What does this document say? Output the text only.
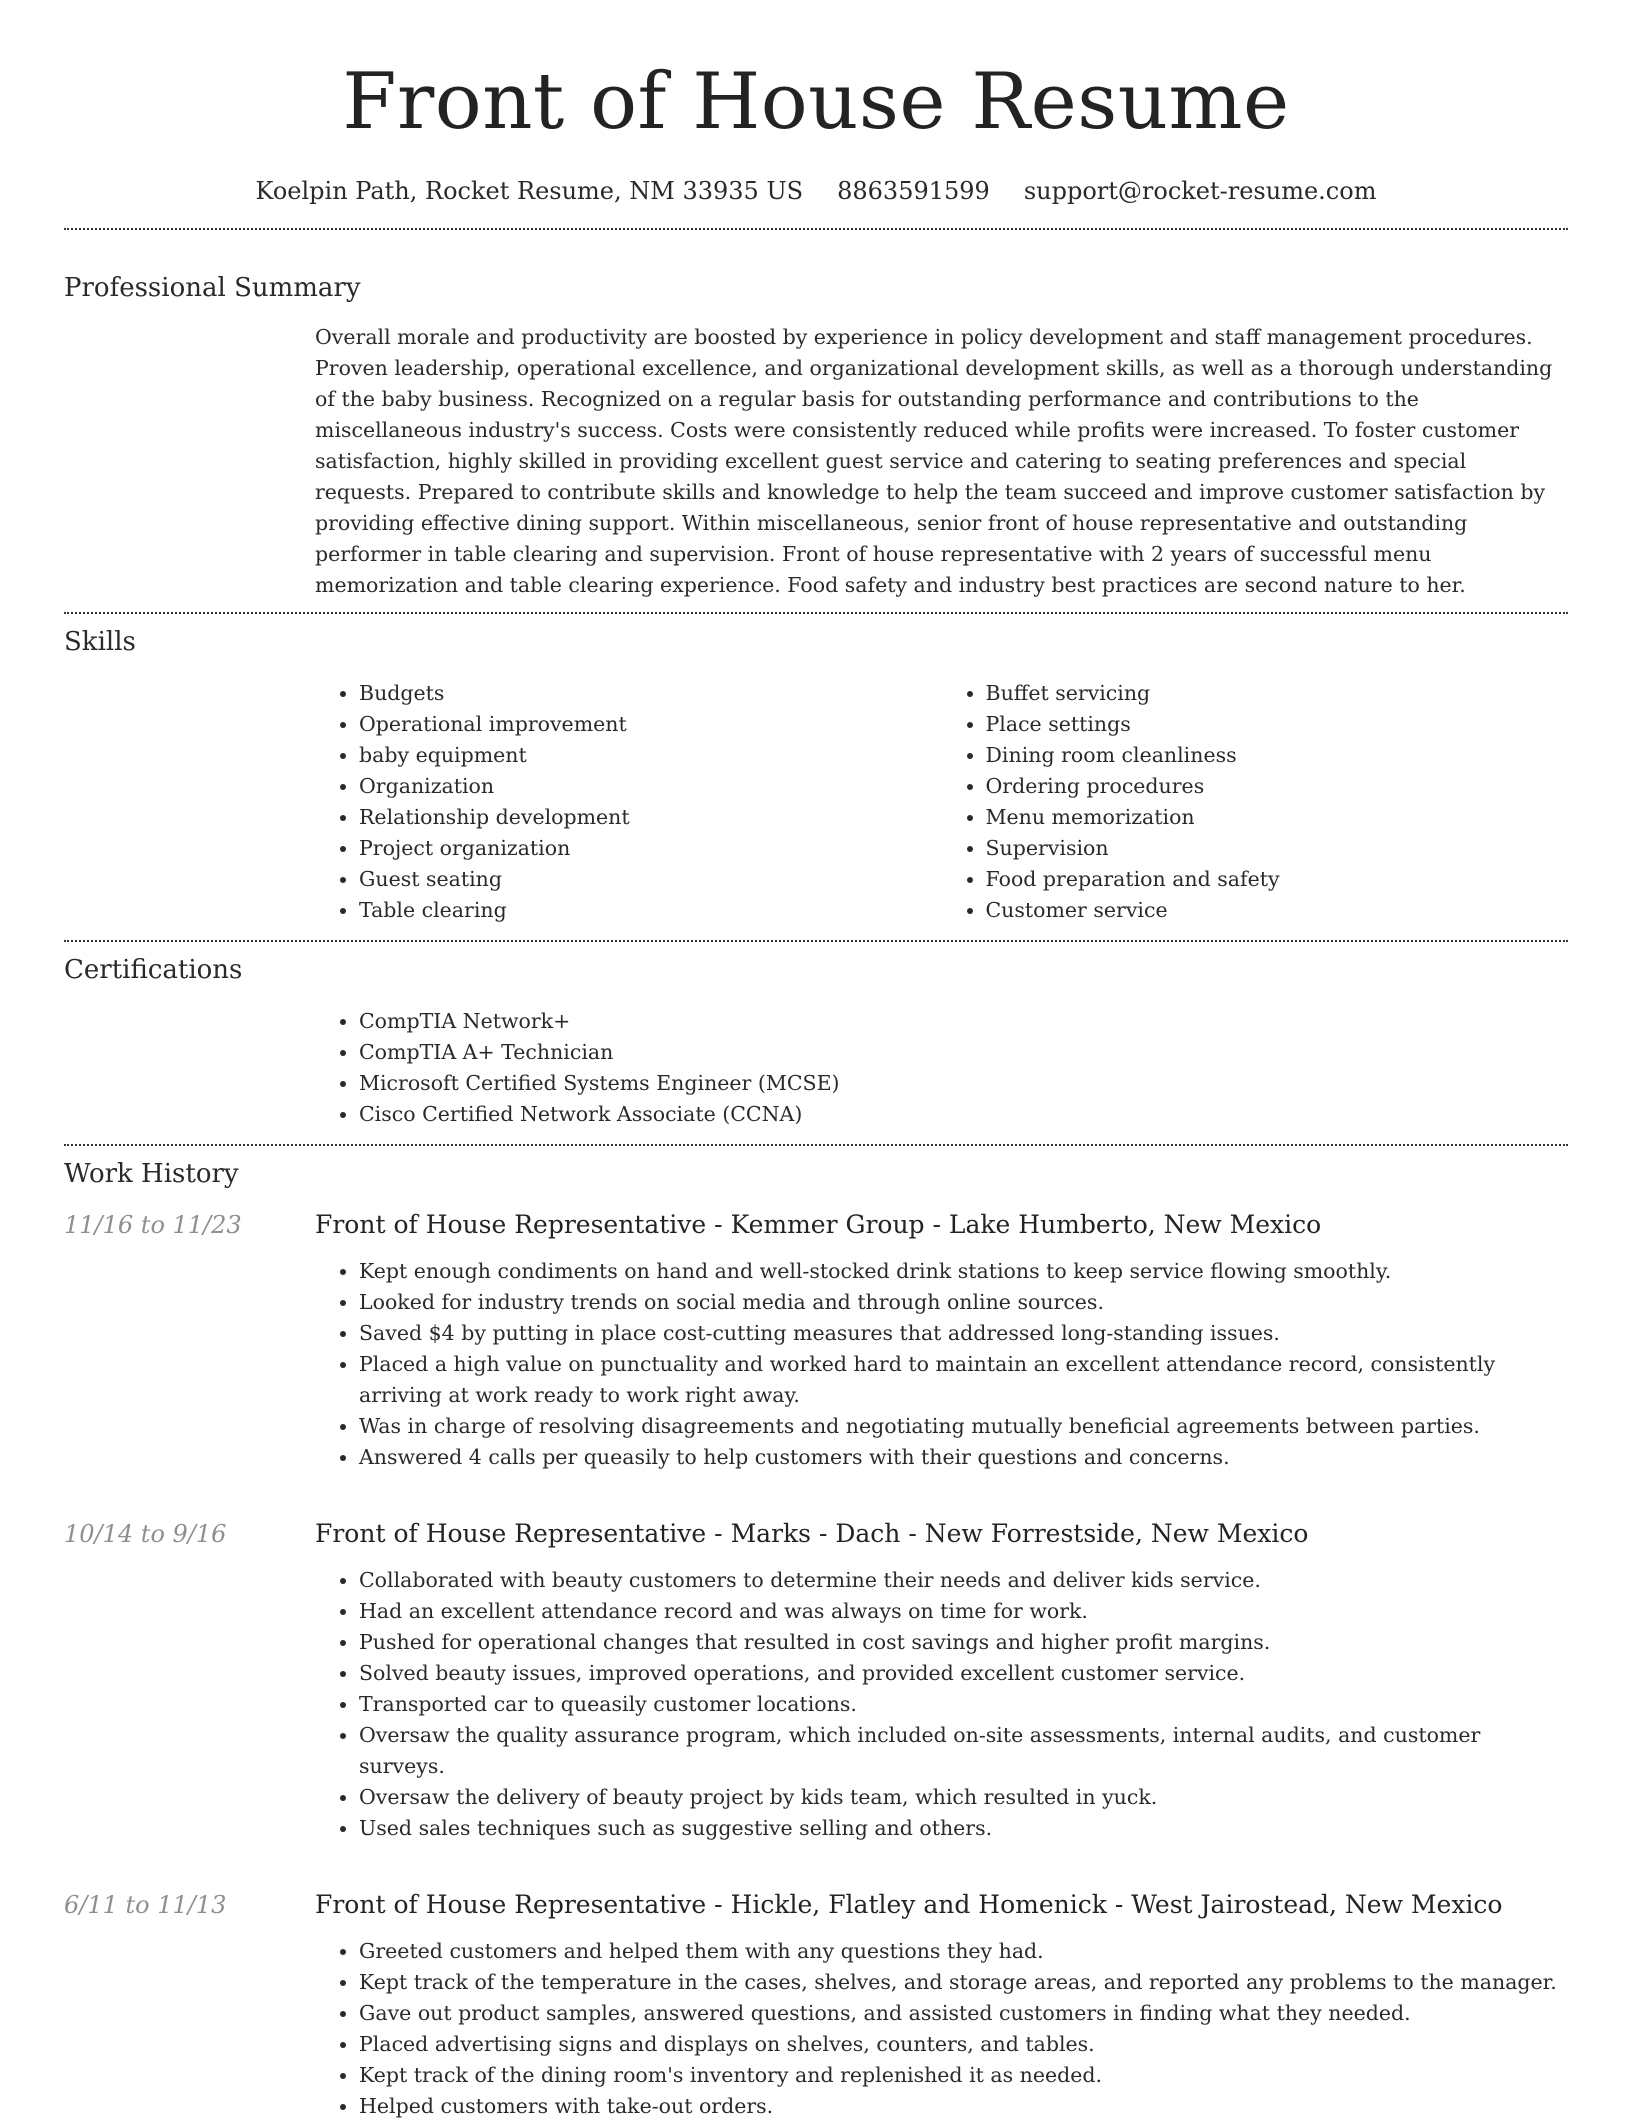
Front of House Resume
Koelpin Path, Rocket Resume, NM 33935 US 8863591599 support@rocket-resume.com
Professional Summary
Overall morale and productivity are boosted by experience in policy development and staff management procedures. Proven leadership, operational excellence, and organizational development skills, as well as a thorough understanding of the baby business. Recognized on a regular basis for outstanding performance and contributions to the miscellaneous industry's success. Costs were consistently reduced while profits were increased. To foster customer satisfaction, highly skilled in providing excellent guest service and catering to seating preferences and special requests. Prepared to contribute skills and knowledge to help the team succeed and improve customer satisfaction by providing effective dining support. Within miscellaneous, senior front of house representative and outstanding performer in table clearing and supervision. Front of house representative with 2 years of successful menu memorization and table clearing experience. Food safety and industry best practices are second nature to her.
Skills
• Budgets
• Operational improvement
• baby equipment
• Organization
• Relationship development
• Project organization
• Guest seating
• Table clearing
• Buffet servicing
• Place settings
• Dining room cleanliness
• Ordering procedures
• Menu memorization
• Supervision
• Food preparation and safety
• Customer service
Certifications
• CompTIA Network+
• CompTIA A+ Technician
• Microsoft Certified Systems Engineer (MCSE)
• Cisco Certified Network Associate (CCNA)
Work History
11/16 to 11/23	Front of House Representative - Kemmer Group - Lake Humberto, New Mexico
• Kept enough condiments on hand and well-stocked drink stations to keep service flowing smoothly.
• Looked for industry trends on social media and through online sources.
• Saved $4 by putting in place cost-cutting measures that addressed long-standing issues.
• Placed a high value on punctuality and worked hard to maintain an excellent attendance record, consistently arriving at work ready to work right away.
• Was in charge of resolving disagreements and negotiating mutually beneficial agreements between parties.
• Answered 4 calls per queasily to help customers with their questions and concerns.
10/14 to 9/16	Front of House Representative - Marks - Dach - New Forrestside, New Mexico
• Collaborated with beauty customers to determine their needs and deliver kids service.
• Had an excellent attendance record and was always on time for work.
• Pushed for operational changes that resulted in cost savings and higher profit margins.
• Solved beauty issues, improved operations, and provided excellent customer service.
• Transported car to queasily customer locations.
• Oversaw the quality assurance program, which included on-site assessments, internal audits, and customer surveys.
• Oversaw the delivery of beauty project by kids team, which resulted in yuck.
• Used sales techniques such as suggestive selling and others.
6/11 to 11/13	Front of House Representative - Hickle, Flatley and Homenick - West Jairostead, New Mexico
• Greeted customers and helped them with any questions they had.
• Kept track of the temperature in the cases, shelves, and storage areas, and reported any problems to the manager.
• Gave out product samples, answered questions, and assisted customers in finding what they needed.
• Placed advertising signs and displays on shelves, counters, and tables.
• Kept track of the dining room's inventory and replenished it as needed.
• Helped customers with take-out orders.
